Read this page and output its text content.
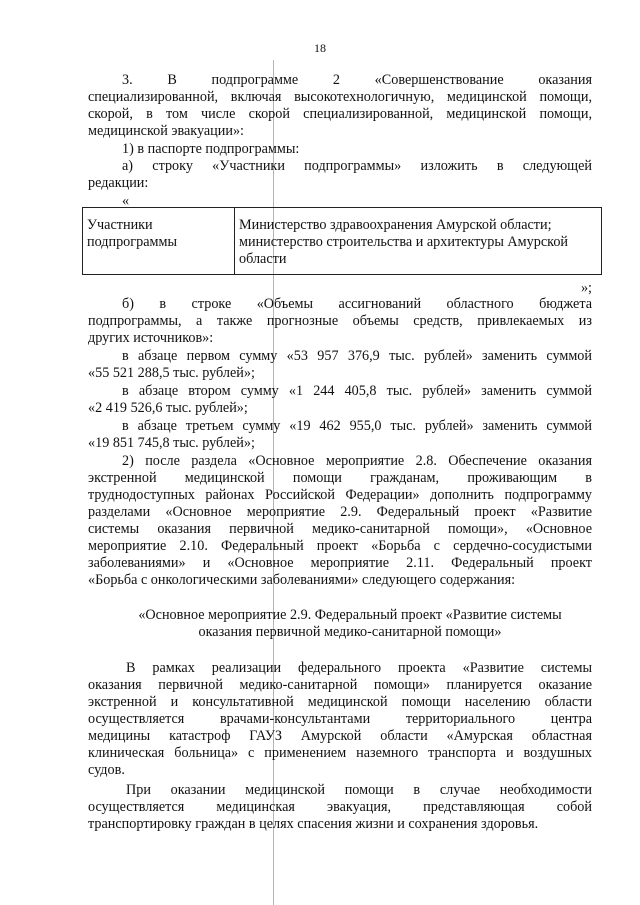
18
3. В подпрограмме 2 «Совершенствование оказания
специализированной, включая высокотехнологичную, медицинской помощи,
скорой, в том числе скорой специализированной, медицинской помощи,
медицинской эвакуации»:
1) в паспорте подпрограммы:
а) строку «Участники подпрограммы» изложить в следующей
редакции:
«
Участники подпрограммы	Министерство здравоохранения Амурской области; министерство строительства и архитектуры Амурской области
»;
б) в строке «Объемы ассигнований областного бюджета
подпрограммы, а также прогнозные объемы средств, привлекаемых из
других источников»:
в абзаце первом сумму «53 957 376,9 тыс. рублей» заменить суммой
«55 521 288,5 тыс. рублей»;
в абзаце втором сумму «1 244 405,8 тыс. рублей» заменить суммой
«2 419 526,6 тыс. рублей»;
в абзаце третьем сумму «19 462 955,0 тыс. рублей» заменить суммой
«19 851 745,8 тыс. рублей»;
2) после раздела «Основное мероприятие 2.8. Обеспечение оказания
экстренной медицинской помощи гражданам, проживающим в
труднодоступных районах Российской Федерации» дополнить подпрограмму
разделами «Основное мероприятие 2.9. Федеральный проект «Развитие
системы оказания первичной медико-санитарной помощи», «Основное
мероприятие 2.10. Федеральный проект «Борьба с сердечно-сосудистыми
заболеваниями» и «Основное мероприятие 2.11. Федеральный проект
«Борьба с онкологическими заболеваниями» следующего содержания:
«Основное мероприятие 2.9. Федеральный проект «Развитие системы
оказания первичной медико-санитарной помощи»
В рамках реализации федерального проекта «Развитие системы
оказания первичной медико-санитарной помощи» планируется оказание
экстренной и консультативной медицинской помощи населению области
осуществляется врачами-консультантами территориального центра
медицины катастроф ГАУЗ Амурской области «Амурская областная
клиническая больница» с применением наземного транспорта и воздушных
судов.
При оказании медицинской помощи в случае необходимости
осуществляется медицинская эвакуация, представляющая собой
транспортировку граждан в целях спасения жизни и сохранения здоровья.
